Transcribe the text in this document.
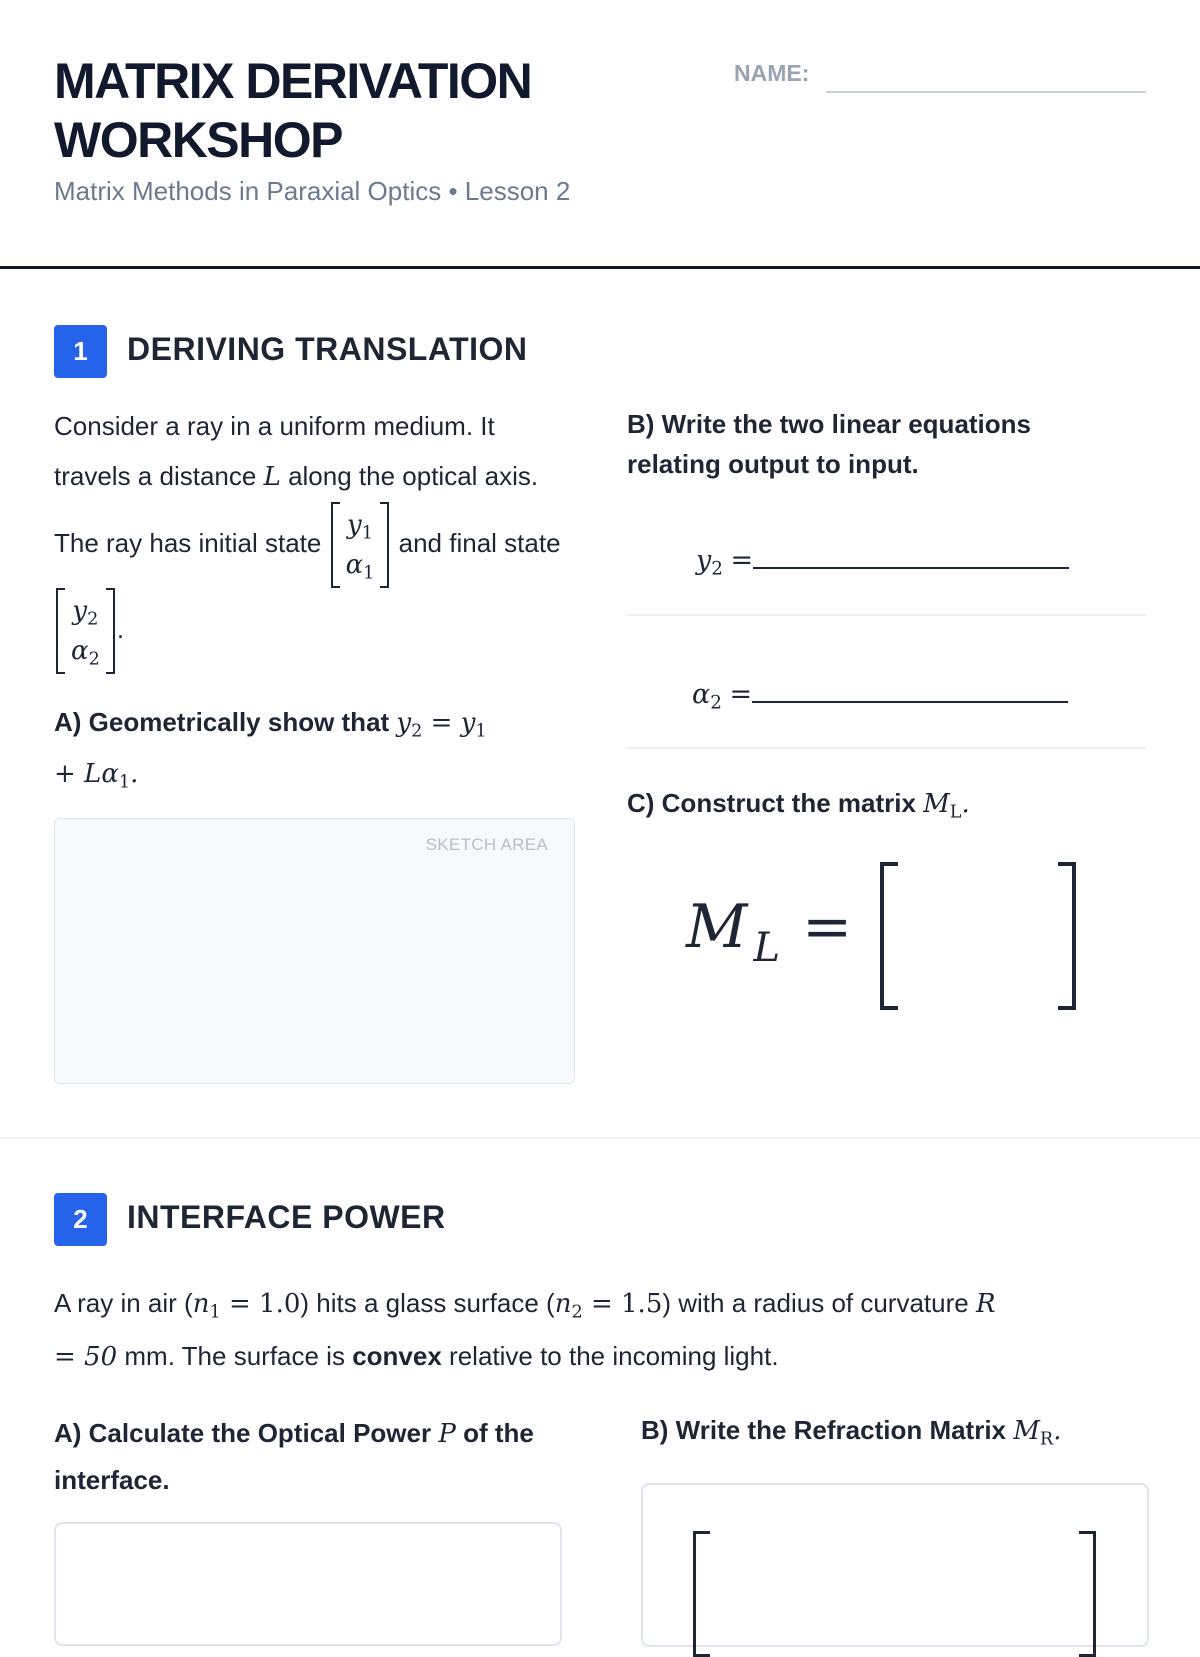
MATRIX DERIVATION
WORKSHOP
Matrix Methods in Paraxial Optics • Lesson 2
NAME:
1	DERIVING TRANSLATION
Consider a ray in a uniform medium. It travels a distance L along the optical axis. The ray has initial state
$y_1$
$\alpha_1$
and final state
$y_2$
$\alpha_2$
.
A) Geometrically show that $y_2 = y_1$
+ $L\alpha_1$.
SKETCH AREA
B) Write the two linear equations relating output to input.
$y_2$ =
$\alpha_2$ =
C) Construct the matrix $M_L$.
M $_L$ =
2	INTERFACE POWER
A ray in air $(n_1 = 1.0)$ hits a glass surface $(n_2 = 1.5)$ with a radius of curvature R
= 50 mm. The surface is convex relative to the incoming light.
A) Calculate the Optical Power P of the interface.
B) Write the Refraction Matrix $M_R$.
